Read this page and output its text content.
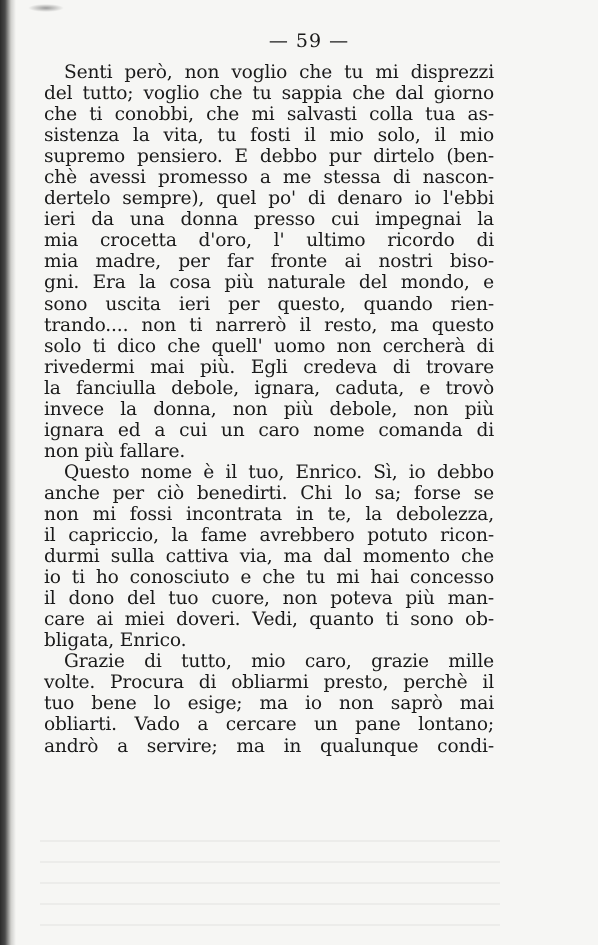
— 59 —
Senti però, non voglio che tu mi disprezzi
del tutto; voglio che tu sappia che dal giorno
che ti conobbi, che mi salvasti colla tua as-
sistenza la vita, tu fosti il mio solo, il mio
supremo pensiero. E debbo pur dirtelo (ben-
chè avessi promesso a me stessa di nascon-
dertelo sempre), quel po' di denaro io l'ebbi
ieri da una donna presso cui impegnai la
mia crocetta d'oro, l' ultimo ricordo di
mia madre, per far fronte ai nostri biso-
gni. Era la cosa più naturale del mondo, e
sono uscita ieri per questo, quando rien-
trando.... non ti narrerò il resto, ma questo
solo ti dico che quell' uomo non cercherà di
rivedermi mai più. Egli credeva di trovare
la fanciulla debole, ignara, caduta, e trovò
invece la donna, non più debole, non più
ignara ed a cui un caro nome comanda di
non più fallare.
Questo nome è il tuo, Enrico. Sì, io debbo
anche per ciò benedirti. Chi lo sa; forse se
non mi fossi incontrata in te, la debolezza,
il capriccio, la fame avrebbero potuto ricon-
durmi sulla cattiva via, ma dal momento che
io ti ho conosciuto e che tu mi hai concesso
il dono del tuo cuore, non poteva più man-
care ai miei doveri. Vedi, quanto ti sono ob-
bligata, Enrico.
Grazie di tutto, mio caro, grazie mille
volte. Procura di obliarmi presto, perchè il
tuo bene lo esige; ma io non saprò mai
obliarti. Vado a cercare un pane lontano;
andrò a servire; ma in qualunque condi-
